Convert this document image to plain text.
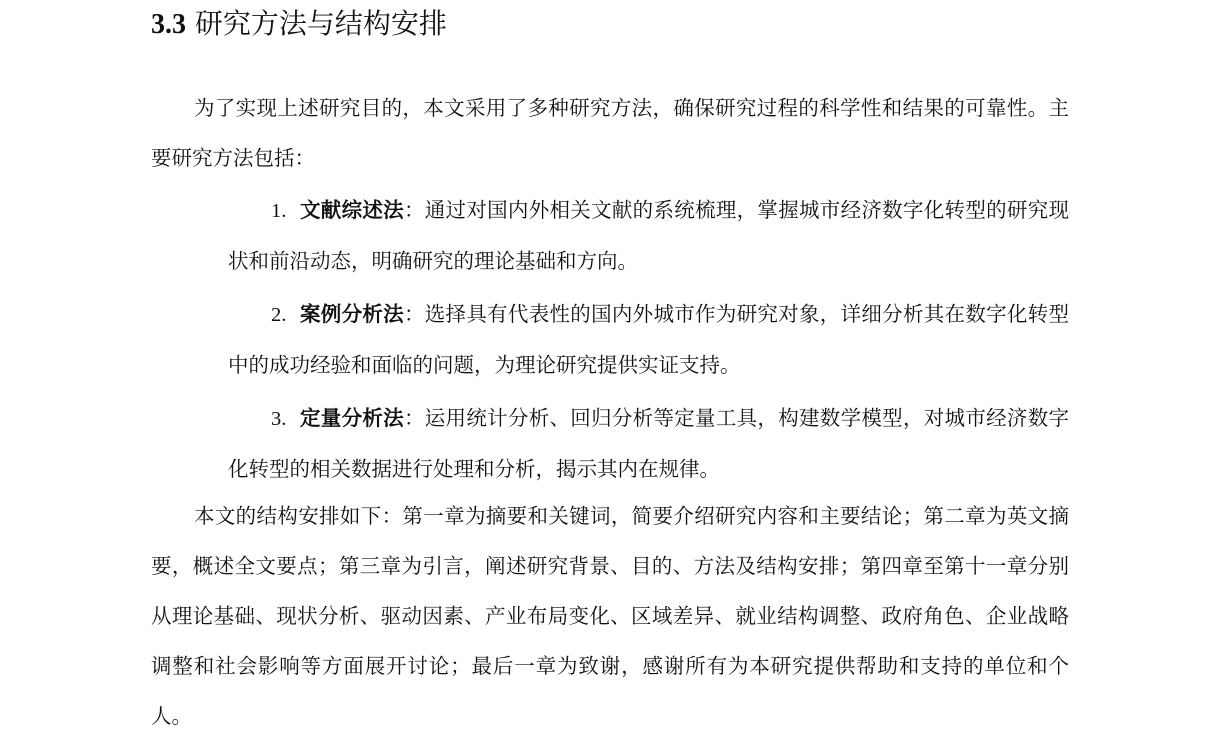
3.3 研究方法与结构安排

为了实现上述研究目的，本文采用了多种研究方法，确保研究过程的科学性和结果的可靠性。主要研究方法包括：

1. 文献综述法：通过对国内外相关文献的系统梳理，掌握城市经济数字化转型的研究现状和前沿动态，明确研究的理论基础和方向。
2. 案例分析法：选择具有代表性的国内外城市作为研究对象，详细分析其在数字化转型中的成功经验和面临的问题，为理论研究提供实证支持。
3. 定量分析法：运用统计分析、回归分析等定量工具，构建数学模型，对城市经济数字化转型的相关数据进行处理和分析，揭示其内在规律。

本文的结构安排如下：第一章为摘要和关键词，简要介绍研究内容和主要结论；第二章为英文摘要，概述全文要点；第三章为引言，阐述研究背景、目的、方法及结构安排；第四章至第十一章分别从理论基础、现状分析、驱动因素、产业布局变化、区域差异、就业结构调整、政府角色、企业战略调整和社会影响等方面展开讨论；最后一章为致谢，感谢所有为本研究提供帮助和支持的单位和个人。
